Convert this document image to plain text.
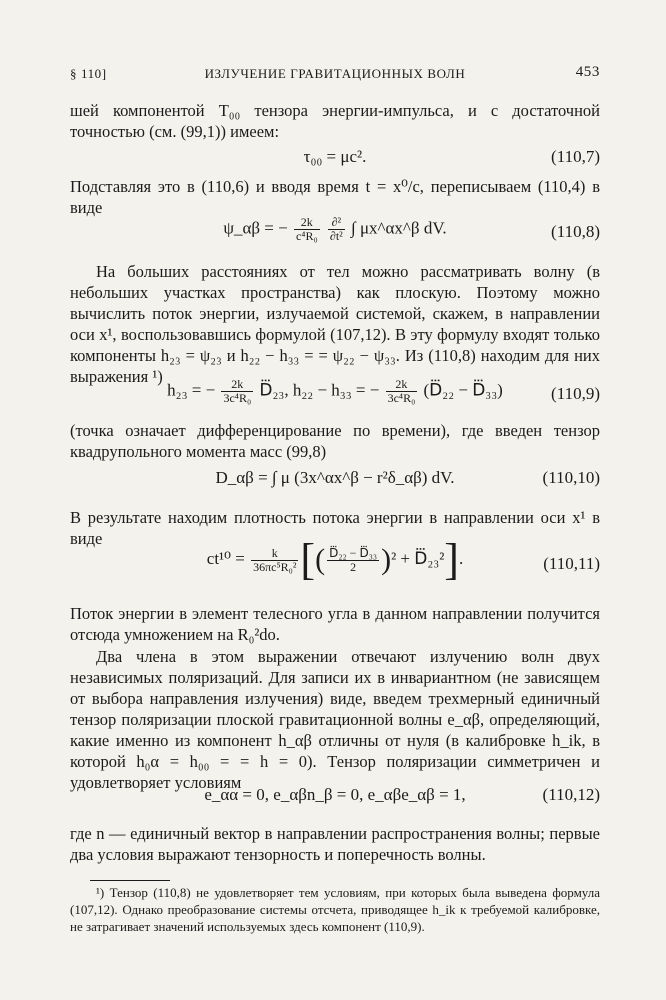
§ 110]	ИЗЛУЧЕНИЕ ГРАВИТАЦИОННЫХ ВОЛН	453
шей компонентой T₀₀ тензора энергии-импульса, и с достаточной точностью (см. (99,1)) имеем:
τ₀₀ = μc².	(110,7)
Подставляя это в (110,6) и вводя время t = x⁰/c, переписываем (110,4) в виде
ψ_αβ = − $\frac{2k}{\text{c⁴R₀}}$
∂²
∂t² ∫ μx^αx^β dV.	(110,8)
На больших расстояниях от тел можно рассматривать волну (в небольших участках пространства) как плоскую. Поэтому можно вычислить поток энергии, излучаемой системой, скажем, в направлении оси x¹, воспользовавшись формулой (107,12). В эту формулу входят только компоненты h₂₃ = ψ₂₃ и h₂₂ − h₃₃ = = ψ₂₂ − ψ₃₃. Из (110,8) находим для них выражения ¹)
h₂₃ = − $\frac{2k}{\text{3c⁴R₀}}$ D⃛₂₃, h₂₂ − h₃₃ = − $\frac{2k}{\text{3c⁴R₀}}$ (D⃛₂₂ − D⃛₃₃)	(110,9)
(точка означает дифференцирование по времени), где введен тензор квадрупольного момента масс (99,8)
D_αβ = ∫ μ (3x^αx^β − r²δ_αβ) dV.	(110,10)
В результате находим плотность потока энергии в направлении оси x¹ в виде
$ct^{10} = \frac{k}{\text{36πc⁵R₀²}}$ [( $\frac{\text{D⃛₂₂ − D⃛₃₃}}{2} )^2$ + D⃛₂₃²].	(110,11)
Поток энергии в элемент телесного угла в данном направлении получится отсюда умножением на R₀²do.
Два члена в этом выражении отвечают излучению волн двух независимых поляризаций. Для записи их в инвариантном (не зависящем от выбора направления излучения) виде, введем трехмерный единичный тензор поляризации плоской гравитационной волны e_αβ, определяющий, какие именно из компонент h_αβ отличны от нуля (в калибровке h_ik, в которой h₀α = h₀₀ = = h = 0). Тензор поляризации симметричен и удовлетворяет условиям
e_αα = 0, e_αβn_β = 0, e_αβe_αβ = 1,	(110,12)
где n — единичный вектор в направлении распространения волны; первые два условия выражают тензорность и поперечность волны.
¹) Тензор (110,8) не удовлетворяет тем условиям, при которых была выведена формула (107,12). Однако преобразование системы отсчета, приводящее h_ik к требуемой калибровке, не затрагивает значений используемых здесь компонент (110,9).
